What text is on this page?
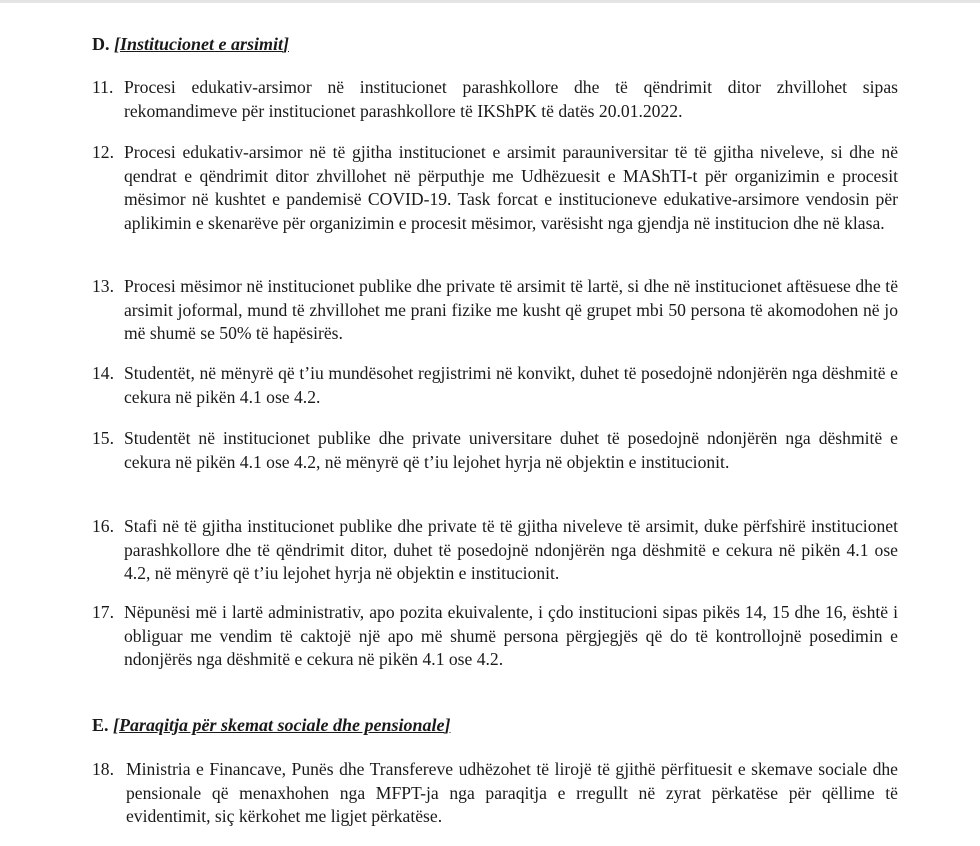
D. [Institucionet e arsimit]
11. Procesi edukativ-arsimor në institucionet parashkollore dhe të qëndrimit ditor zhvillohet sipas rekomandimeve për institucionet parashkollore të IKShPK të datës 20.01.2022.
12. Procesi edukativ-arsimor në të gjitha institucionet e arsimit parauniversitar të të gjitha niveleve, si dhe në qendrat e qëndrimit ditor zhvillohet në përputhje me Udhëzuesit e MAShTI-t për organizimin e procesit mësimor në kushtet e pandemisë COVID-19. Task forcat e institucioneve edukative-arsimore vendosin për aplikimin e skenarëve për organizimin e procesit mësimor, varësisht nga gjendja në institucion dhe në klasa.
13. Procesi mësimor në institucionet publike dhe private të arsimit të lartë, si dhe në institucionet aftësuese dhe të arsimit joformal, mund të zhvillohet me prani fizike me kusht që grupet mbi 50 persona të akomodohen në jo më shumë se 50% të hapësirës.
14. Studentët, në mënyrë që t’iu mundësohet regjistrimi në konvikt, duhet të posedojnë ndonjërën nga dëshmitë e cekura në pikën 4.1 ose 4.2.
15. Studentët në institucionet publike dhe private universitare duhet të posedojnë ndonjërën nga dëshmitë e cekura në pikën 4.1 ose 4.2, në mënyrë që t’iu lejohet hyrja në objektin e institucionit.
16. Stafi në të gjitha institucionet publike dhe private të të gjitha niveleve të arsimit, duke përfshirë institucionet parashkollore dhe të qëndrimit ditor, duhet të posedojnë ndonjërën nga dëshmitë e cekura në pikën 4.1 ose 4.2, në mënyrë që t’iu lejohet hyrja në objektin e institucionit.
17. Nëpunësi më i lartë administrativ, apo pozita ekuivalente, i çdo institucioni sipas pikës 14, 15 dhe 16, është i obliguar me vendim të caktojë një apo më shumë persona përgjegjës që do të kontrollojnë posedimin e ndonjërës nga dëshmitë e cekura në pikën 4.1 ose 4.2.
E. [Paraqitja për skemat sociale dhe pensionale]
18. Ministria e Financave, Punës dhe Transfereve udhëzohet të lirojë të gjithë përfituesit e skemave sociale dhe pensionale që menaxhohen nga MFPT-ja nga paraqitja e rregullt në zyrat përkatëse për qëllime të evidentimit, siç kërkohet me ligjet përkatëse.
